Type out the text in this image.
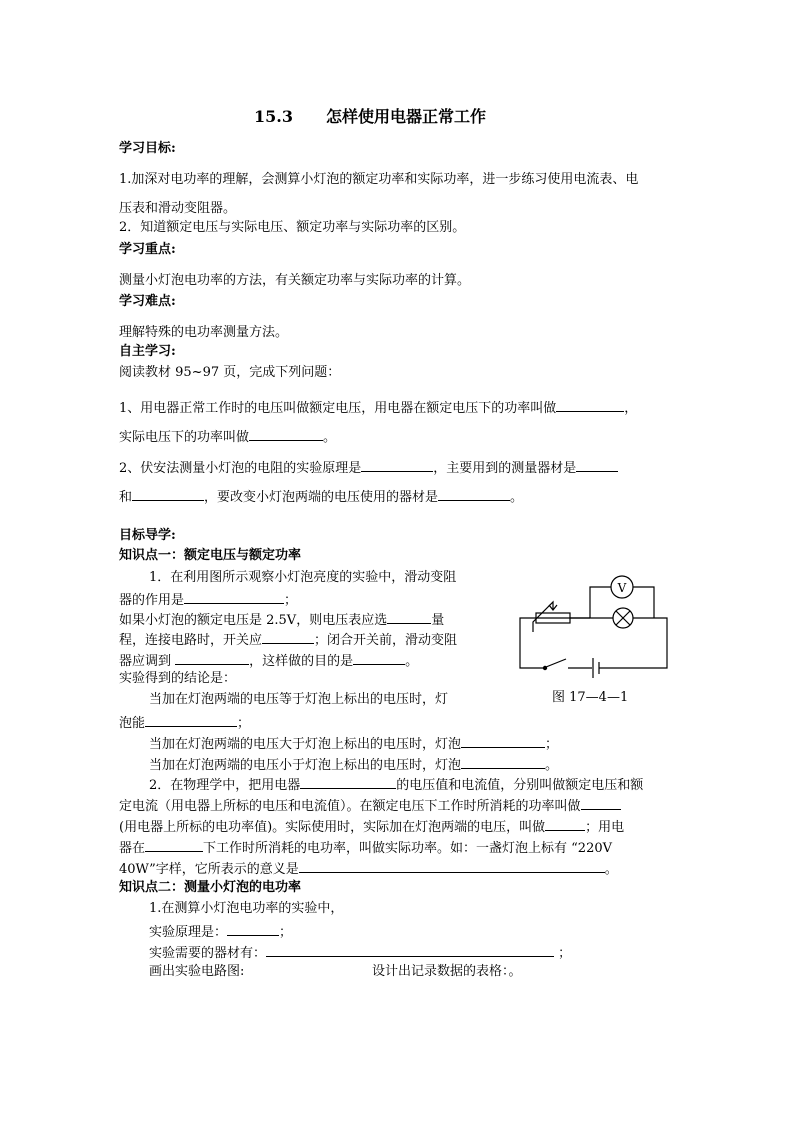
15.3 怎样使用电器正常工作
学习目标:
1.加深对电功率的理解，会测算小灯泡的额定功率和实际功率，进一步练习使用电流表、电
压表和滑动变阻器。
2．知道额定电压与实际电压、额定功率与实际功率的区别。
学习重点:
测量小灯泡电功率的方法，有关额定功率与实际功率的计算。
学习难点:
理解特殊的电功率测量方法。
自主学习:
阅读教材 95~97 页，完成下列问题：
1、用电器正常工作时的电压叫做额定电压，用电器在额定电压下的功率叫做	，
实际电压下的功率叫做	。
2、伏安法测量小灯泡的电阻的实验原理是	，主要用到的测量器材是
和	，要改变小灯泡两端的电压使用的器材是	。
目标导学:
知识点一：额定电压与额定功率
1．在利用图所示观察小灯泡亮度的实验中，滑动变阻
器的作用是	；
如果小灯泡的额定电压是 2.5V，则电压表应选	量
程，连接电路时，开关应	；闭合开关前，滑动变阻
器应调到	，这样做的目的是	。
实验得到的结论是：
当加在灯泡两端的电压等于灯泡上标出的电压时，灯
泡能	；
当加在灯泡两端的电压大于灯泡上标出的电压时，灯泡	；
当加在灯泡两端的电压小于灯泡上标出的电压时，灯泡	。
2．在物理学中，把用电器	的电压值和电流值，分别叫做额定电压和额
定电流（用电器上所标的电压和电流值）。在额定电压下工作时所消耗的功率叫做
(用电器上所标的电功率值)。实际使用时，实际加在灯泡两端的电压，叫做	；用电
器在	下工作时所消耗的电功率，叫做实际功率。如：一盏灯泡上标有 “220V
40W”字样，它所表示的意义是	。
知识点二：测量小灯泡的电功率
1.在测算小灯泡电功率的实验中，
实验原理是：	；
实验需要的器材有：	；
画出实验电路图:	设计出记录数据的表格：。
V
图 17—4—1
